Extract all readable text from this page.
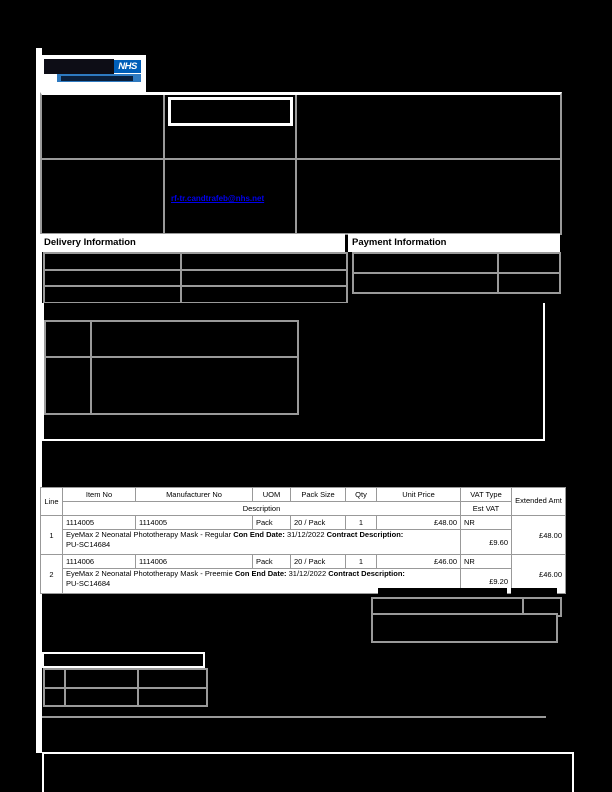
NHS
rf-tr.candtrafeb@nhs.net
Delivery Information	Payment Information
Line	Item No	Manufacturer No	UOM	Pack Size	Qty	Unit Price	VAT Type	Extended Amt
	Description						Est VAT	
1	1114005	1114005	Pack	20 / Pack	1	£48.00	NR	£48.00
	EyeMax 2 Neonatal Phototherapy Mask - Regular Con End Date: 31/12/2022 Contract Description:
PU-SC14684						£9.60	
2	1114006	1114006	Pack	20 / Pack	1	£46.00	NR	£46.00
	EyeMax 2 Neonatal Phototherapy Mask - Preemie Con End Date: 31/12/2022 Contract Description:
PU-SC14684						£9.20	
